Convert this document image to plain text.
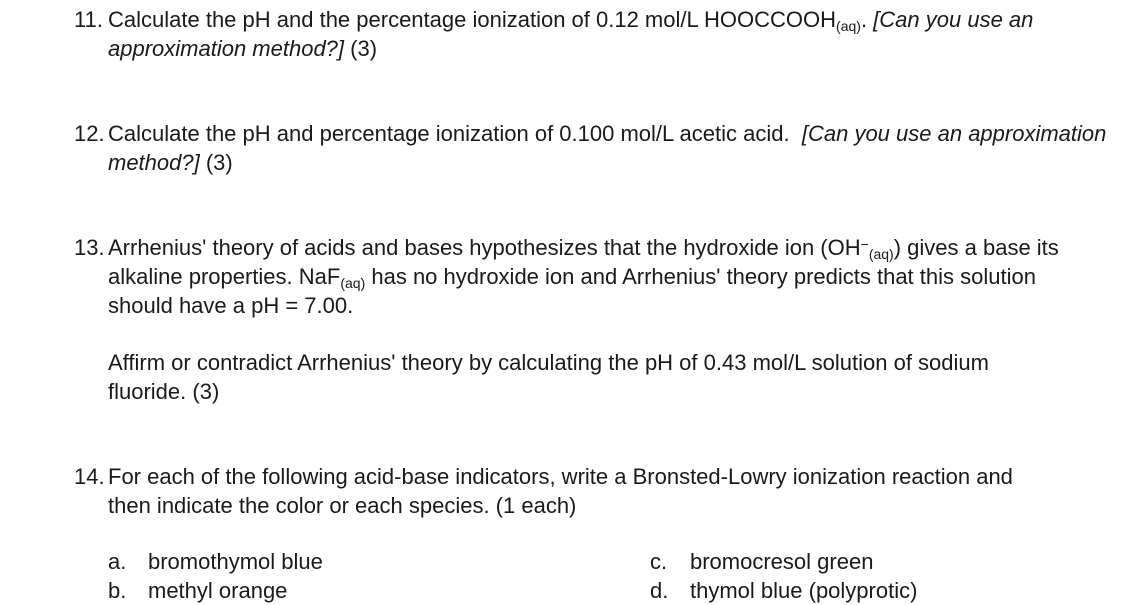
11. Calculate the pH and the percentage ionization of 0.12 mol/L $HOOCCOOH_{(aq)}$. [Can you use an approximation method?] (3)
12. Calculate the pH and percentage ionization of 0.100 mol/L acetic acid. [Can you use an approximation method?] (3)
13. Arrhenius' theory of acids and bases hypothesizes that the hydroxide ion $(OH^-_{(aq)})$ gives a base its alkaline properties. NaF$_{(aq)}$ has no hydroxide ion and Arrhenius' theory predicts that this solution should have a pH = 7.00.
Affirm or contradict Arrhenius' theory by calculating the pH of 0.43 mol/L solution of sodium fluoride. (3)
14. For each of the following acid-base indicators, write a Bronsted-Lowry ionization reaction and then indicate the color or each species. (1 each)
a. bromothymol blue
b. methyl orange
c. bromocresol green
d. thymol blue (polyprotic)
